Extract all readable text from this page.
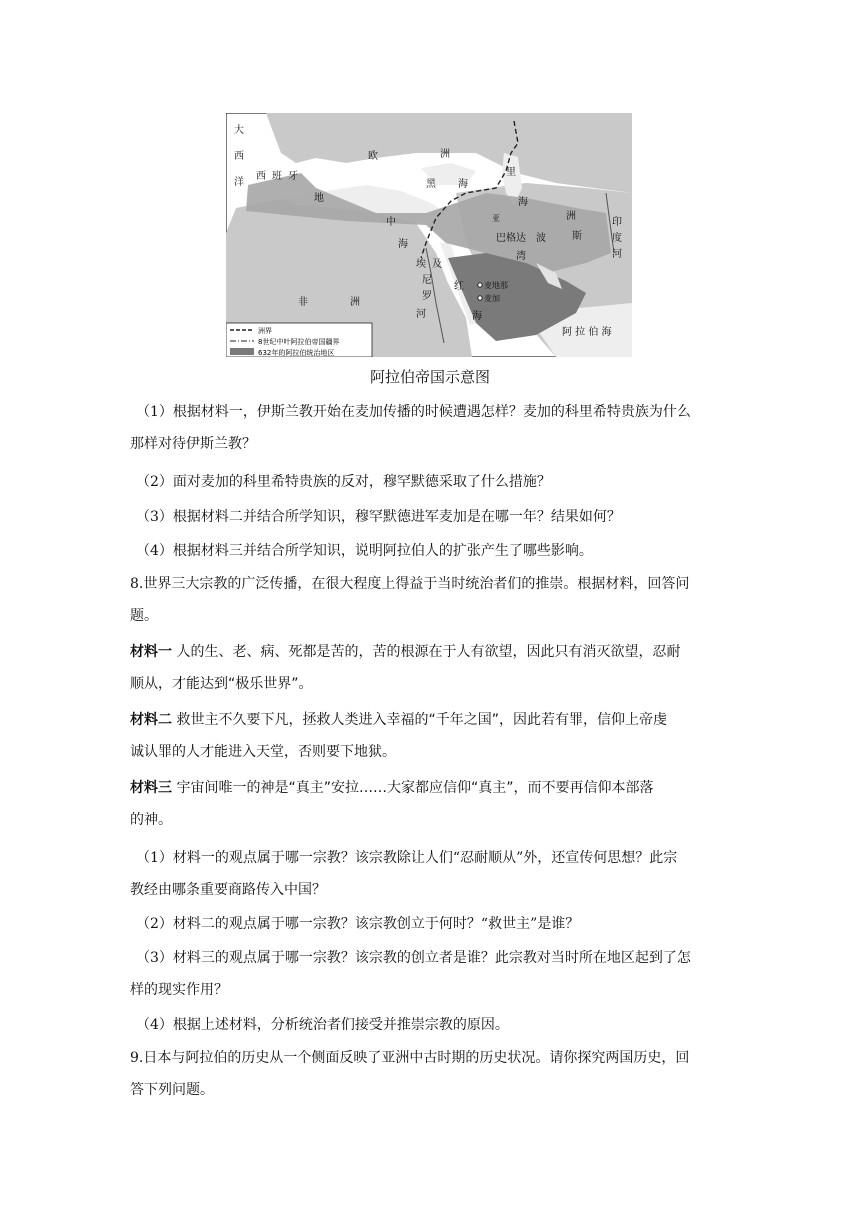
大
西
洋
西 班 牙
欧	洲
黑 海
里
海
地
中
海
亚	洲
巴格达 波	斯
湾
印
度
河
埃 及
尼
罗
河
红
海
麦地那
麦加
非	洲
阿 拉 伯 海
洲界
8世纪中叶阿拉伯帝国疆界
632年的阿拉伯统治地区
阿拉伯帝国示意图
（1）根据材料一，伊斯兰教开始在麦加传播的时候遭遇怎样？麦加的科里希特贵族为什么
那样对待伊斯兰教？
（2）面对麦加的科里希特贵族的反对，穆罕默德采取了什么措施？
（3）根据材料二并结合所学知识，穆罕默德进军麦加是在哪一年？结果如何？
（4）根据材料三并结合所学知识，说明阿拉伯人的扩张产生了哪些影响。
8.世界三大宗教的广泛传播，在很大程度上得益于当时统治者们的推崇。根据材料，回答问
题。
材料一 人的生、老、病、死都是苦的，苦的根源在于人有欲望，因此只有消灭欲望，忍耐
顺从，才能达到“极乐世界”。
材料二 救世主不久要下凡，拯救人类进入幸福的“千年之国”，因此若有罪，信仰上帝虔
诚认罪的人才能进入天堂，否则要下地狱。
材料三 宇宙间唯一的神是“真主”安拉……大家都应信仰“真主”，而不要再信仰本部落
的神。
（1）材料一的观点属于哪一宗教？该宗教除让人们“忍耐顺从”外，还宣传何思想？此宗
教经由哪条重要商路传入中国？
（2）材料二的观点属于哪一宗教？该宗教创立于何时？“救世主”是谁？
（3）材料三的观点属于哪一宗教？该宗教的创立者是谁？此宗教对当时所在地区起到了怎
样的现实作用？
（4）根据上述材料，分析统治者们接受并推崇宗教的原因。
9.日本与阿拉伯的历史从一个侧面反映了亚洲中古时期的历史状况。请你探究两国历史，回
答下列问题。
